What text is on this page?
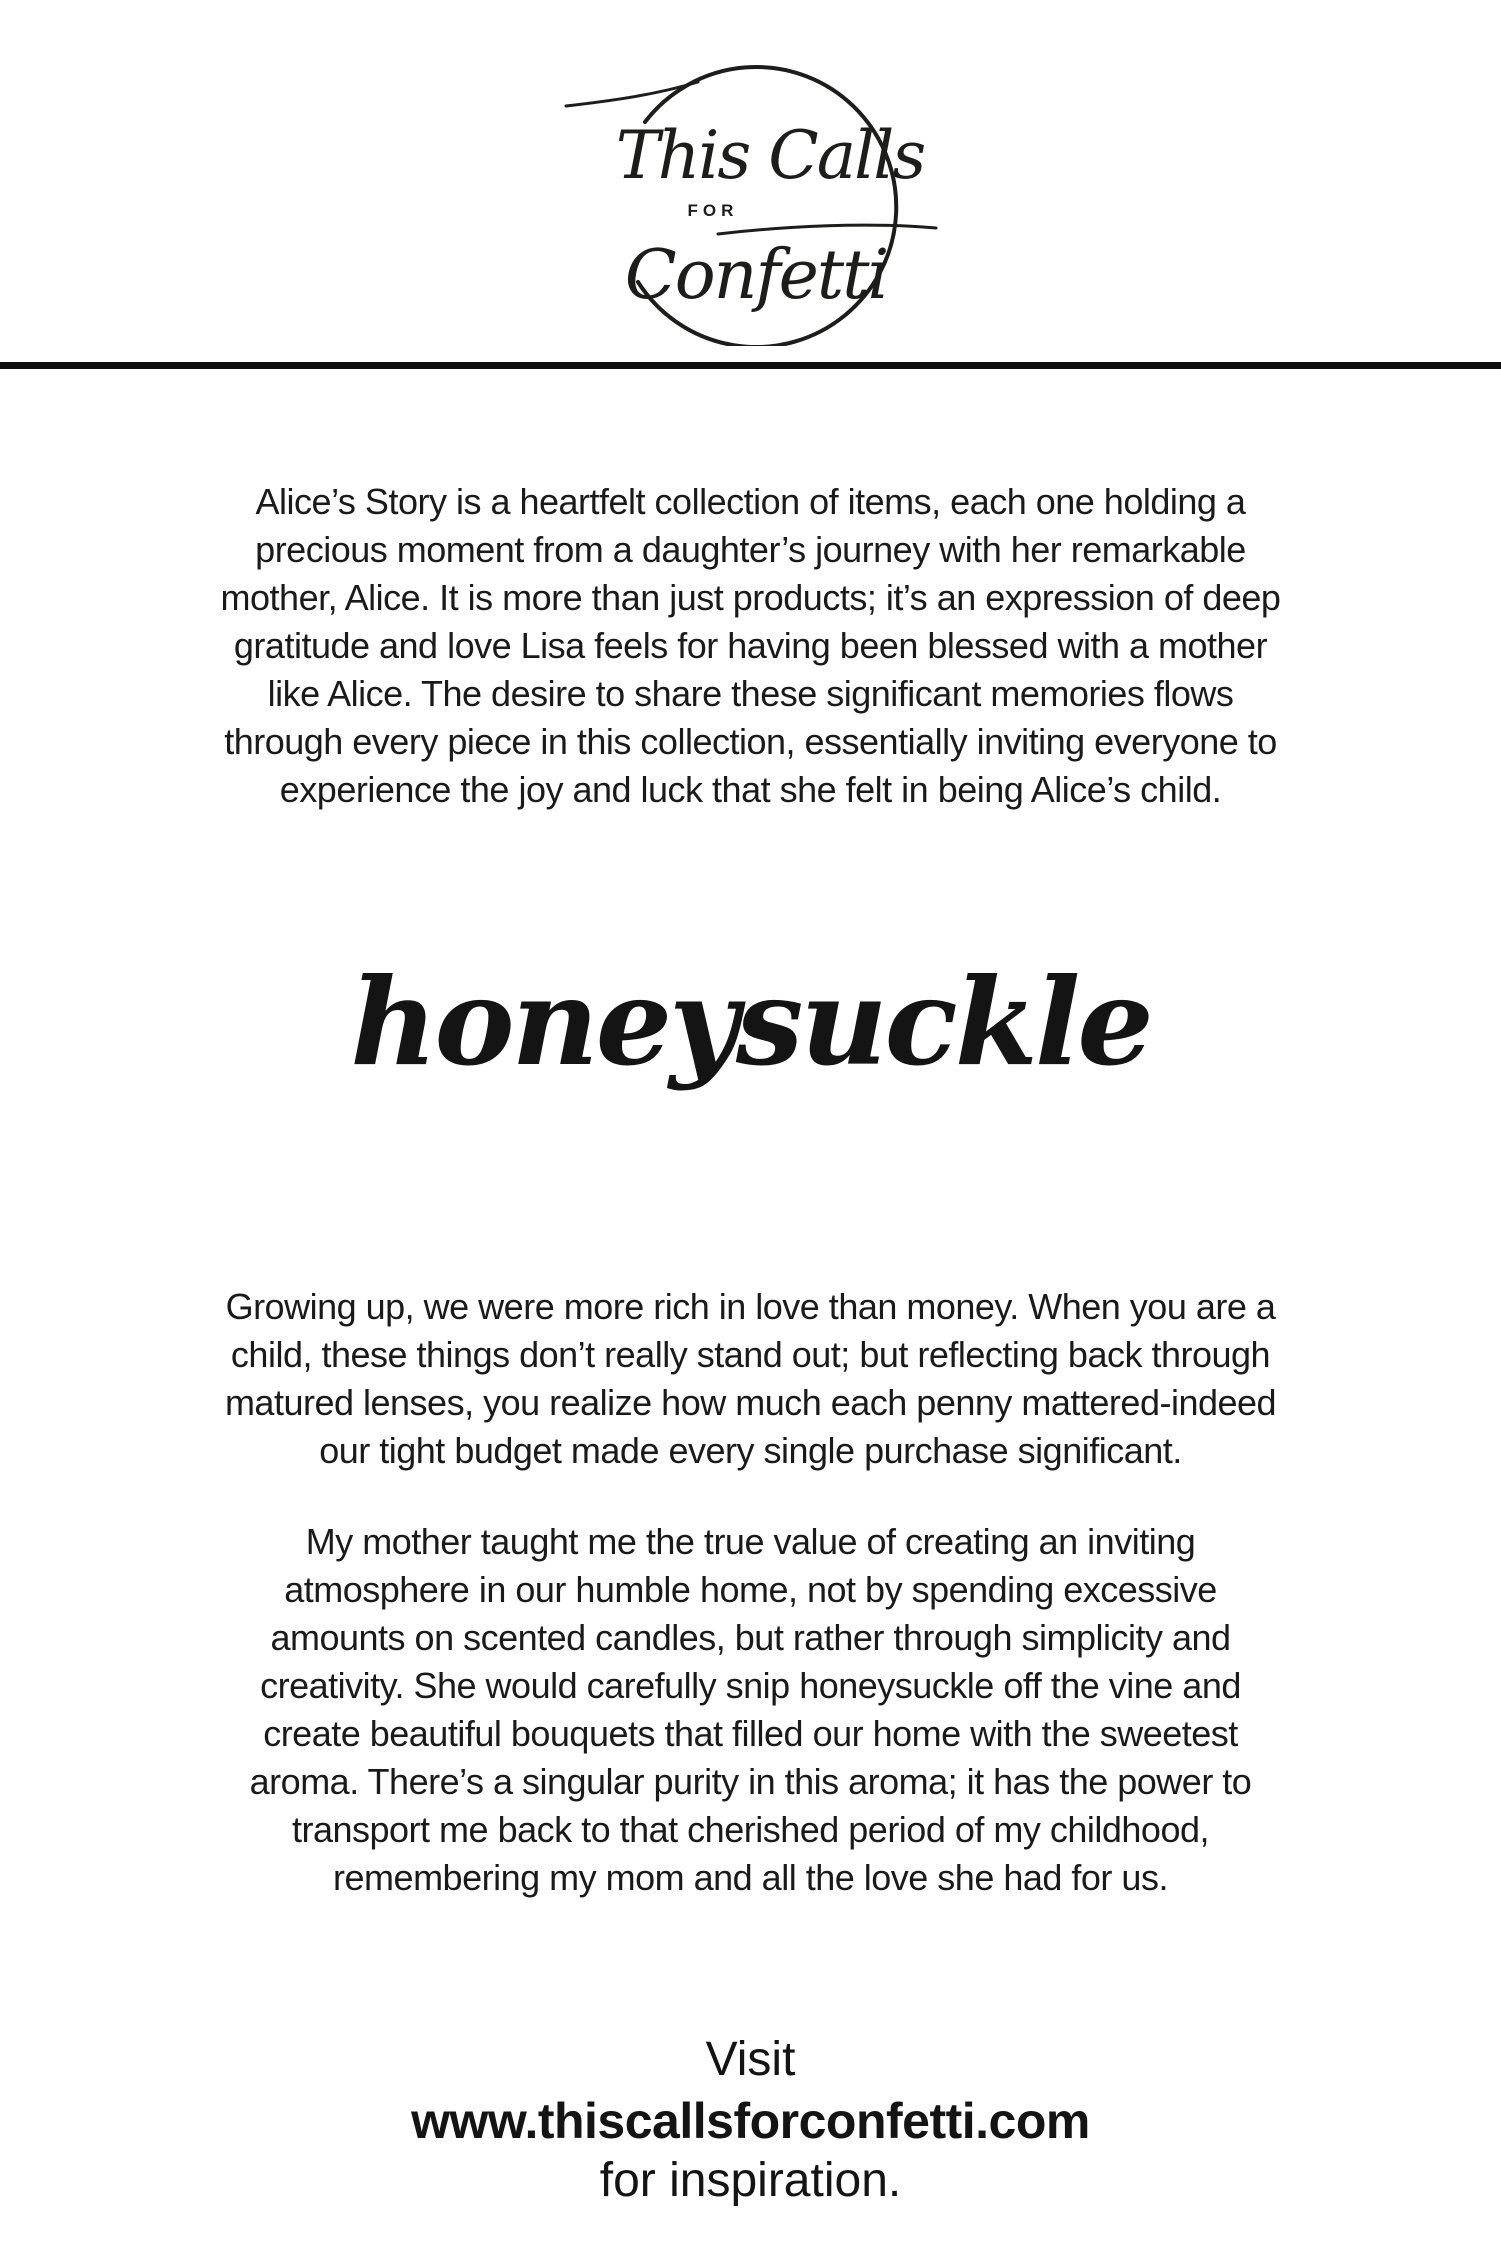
This Calls
FOR
Confetti
Alice’s Story is a heartfelt collection of items, each one holding a
precious moment from a daughter’s journey with her remarkable
mother, Alice. It is more than just products; it’s an expression of deep
gratitude and love Lisa feels for having been blessed with a mother
like Alice. The desire to share these significant memories flows
through every piece in this collection, essentially inviting everyone to
experience the joy and luck that she felt in being Alice’s child.
honeysuckle
Growing up, we were more rich in love than money. When you are a
child, these things don’t really stand out; but reflecting back through
matured lenses, you realize how much each penny mattered-indeed
our tight budget made every single purchase significant.
My mother taught me the true value of creating an inviting
atmosphere in our humble home, not by spending excessive
amounts on scented candles, but rather through simplicity and
creativity. She would carefully snip honeysuckle off the vine and
create beautiful bouquets that filled our home with the sweetest
aroma. There’s a singular purity in this aroma; it has the power to
transport me back to that cherished period of my childhood,
remembering my mom and all the love she had for us.
Visit
www.thiscallsforconfetti.com
for inspiration.
